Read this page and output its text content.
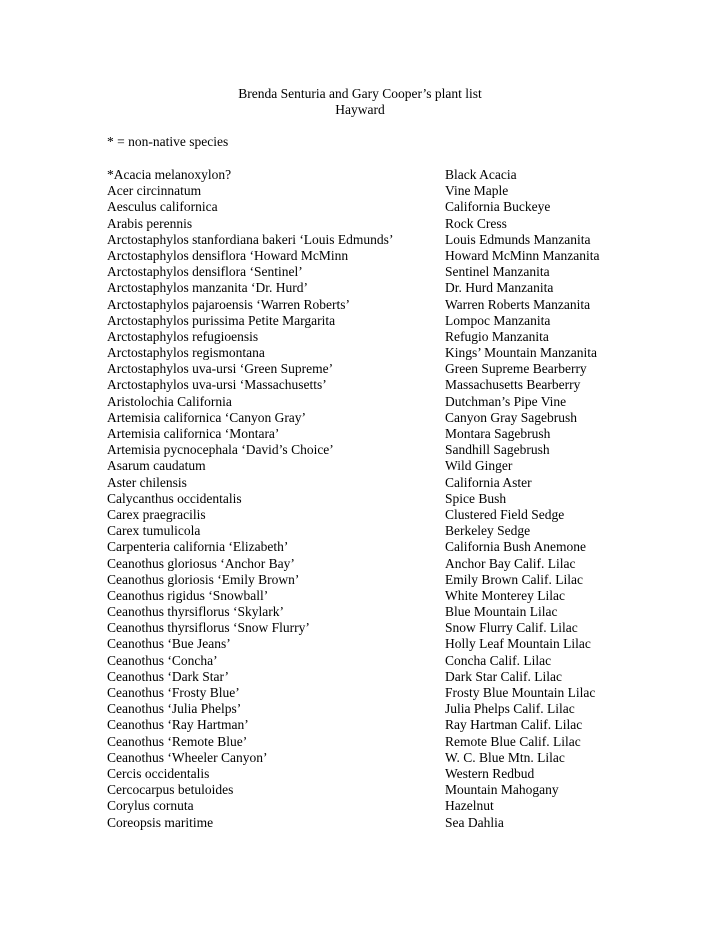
Brenda Senturia and Gary Cooper’s plant list
Hayward
* = non-native species
*Acacia melanoxylon?	Black Acacia
Acer circinnatum	Vine Maple
Aesculus californica	California Buckeye
Arabis perennis	Rock Cress
Arctostaphylos stanfordiana bakeri ‘Louis Edmunds’	Louis Edmunds Manzanita
Arctostaphylos densiflora ‘Howard McMinn	Howard McMinn Manzanita
Arctostaphylos densiflora ‘Sentinel’	Sentinel Manzanita
Arctostaphylos manzanita ‘Dr. Hurd’	Dr. Hurd Manzanita
Arctostaphylos pajaroensis ‘Warren Roberts’	Warren Roberts Manzanita
Arctostaphylos purissima Petite Margarita	Lompoc Manzanita
Arctostaphylos refugioensis	Refugio Manzanita
Arctostaphylos regismontana	Kings’ Mountain Manzanita
Arctostaphylos uva-ursi ‘Green Supreme’	Green Supreme Bearberry
Arctostaphylos uva-ursi ‘Massachusetts’	Massachusetts Bearberry
Aristolochia California	Dutchman’s Pipe Vine
Artemisia californica ‘Canyon Gray’	Canyon Gray Sagebrush
Artemisia californica ‘Montara’	Montara Sagebrush
Artemisia pycnocephala ‘David’s Choice’	Sandhill Sagebrush
Asarum caudatum	Wild Ginger
Aster chilensis	California Aster
Calycanthus occidentalis	Spice Bush
Carex praegracilis	Clustered Field Sedge
Carex tumulicola	Berkeley Sedge
Carpenteria california ‘Elizabeth’	California Bush Anemone
Ceanothus gloriosus ‘Anchor Bay’	Anchor Bay Calif. Lilac
Ceanothus gloriosis ‘Emily Brown’	Emily Brown Calif. Lilac
Ceanothus rigidus ‘Snowball’	White Monterey Lilac
Ceanothus thyrsiflorus ‘Skylark’	Blue Mountain Lilac
Ceanothus thyrsiflorus ‘Snow Flurry’	Snow Flurry Calif. Lilac
Ceanothus ‘Bue Jeans’	Holly Leaf Mountain Lilac
Ceanothus ‘Concha’	Concha Calif. Lilac
Ceanothus ‘Dark Star’	Dark Star Calif. Lilac
Ceanothus ‘Frosty Blue’	Frosty Blue Mountain Lilac
Ceanothus ‘Julia Phelps’	Julia Phelps Calif. Lilac
Ceanothus ‘Ray Hartman’	Ray Hartman Calif. Lilac
Ceanothus ‘Remote Blue’	Remote Blue Calif. Lilac
Ceanothus ‘Wheeler Canyon’	W. C. Blue Mtn. Lilac
Cercis occidentalis	Western Redbud
Cercocarpus betuloides	Mountain Mahogany
Corylus cornuta	Hazelnut
Coreopsis maritime	Sea Dahlia
